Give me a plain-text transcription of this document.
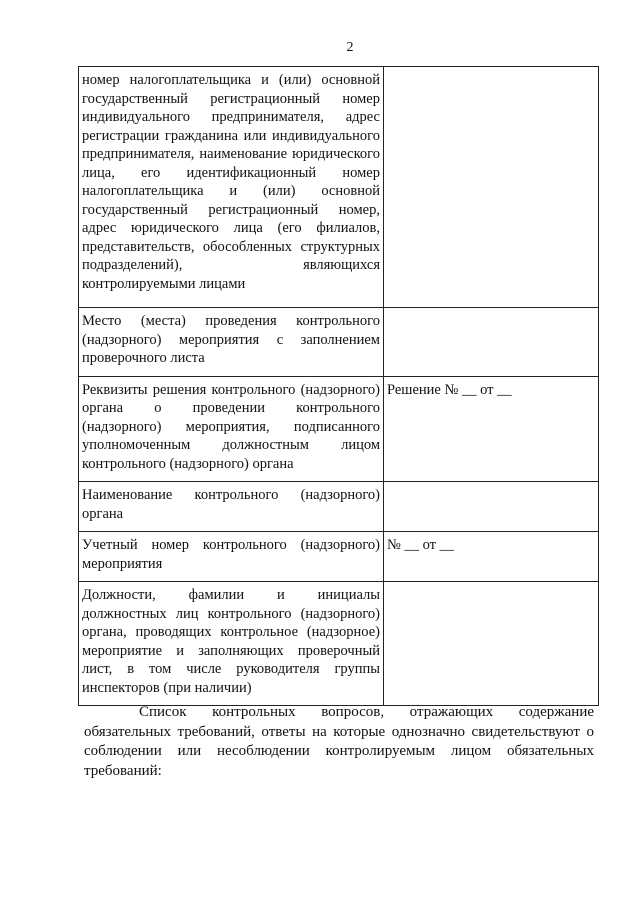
2
номер налогоплательщика и (или) основной государственный регистрационный номер индивидуального предпринимателя, адрес регистрации гражданина или индивидуального предпринимателя, наименование юридического лица, его идентификационный номер налогоплательщика и (или) основной государственный регистрационный номер, адрес юридического лица (его филиалов, представительств, обособленных структурных подразделений), являющихся контролируемыми лицами	
Место (места) проведения контрольного (надзорного) мероприятия с заполнением проверочного листа	
Реквизиты решения контрольного (надзорного) органа о проведении контрольного (надзорного) мероприятия, подписанного уполномоченным должностным лицом контрольного (надзорного) органа	Решение № __ от __
Наименование контрольного (надзорного) органа	
Учетный номер контрольного (надзорного) мероприятия	№ __ от __
Должности, фамилии и инициалы должностных лиц контрольного (надзорного) органа, проводящих контрольное (надзорное) мероприятие и заполняющих проверочный лист, в том числе руководителя группы инспекторов (при наличии)	

Список контрольных вопросов, отражающих содержание обязательных требований, ответы на которые однозначно свидетельствуют о соблюдении или несоблюдении контролируемым лицом обязательных требований:
